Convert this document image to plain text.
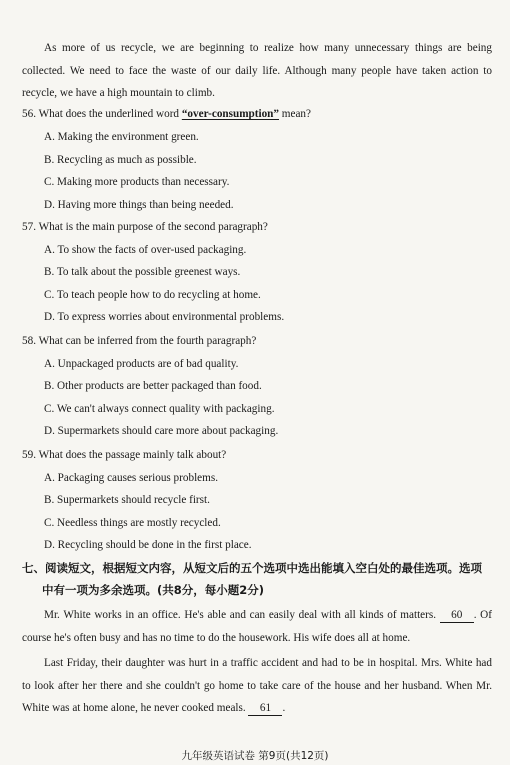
As more of us recycle, we are beginning to realize how many unnecessary things are being collected. We need to face the waste of our daily life. Although many people have taken action to recycle, we have a high mountain to climb.
56. What does the underlined word “over-consumption” mean?
A. Making the environment green.
B. Recycling as much as possible.
C. Making more products than necessary.
D. Having more things than being needed.
57. What is the main purpose of the second paragraph?
A. To show the facts of over-used packaging.
B. To talk about the possible greenest ways.
C. To teach people how to do recycling at home.
D. To express worries about environmental problems.
58. What can be inferred from the fourth paragraph?
A. Unpackaged products are of bad quality.
B. Other products are better packaged than food.
C. We can't always connect quality with packaging.
D. Supermarkets should care more about packaging.
59. What does the passage mainly talk about?
A. Packaging causes serious problems.
B. Supermarkets should recycle first.
C. Needless things are mostly recycled.
D. Recycling should be done in the first place.
七、阅读短文，根据短文内容，从短文后的五个选项中选出能填入空白处的最佳选项。选项
中有一项为多余选项。(共8分，每小题2分)
Mr. White works in an office. He's able and can easily deal with all kinds of matters. 60 . Of course he's often busy and has no time to do the housework. His wife does all at home.
Last Friday, their daughter was hurt in a traffic accident and had to be in hospital. Mrs. White had to look after her there and she couldn't go home to take care of the house and her husband. When Mr. White was at home alone, he never cooked meals. 61 .
九年级英语试卷 第9页(共12页)
